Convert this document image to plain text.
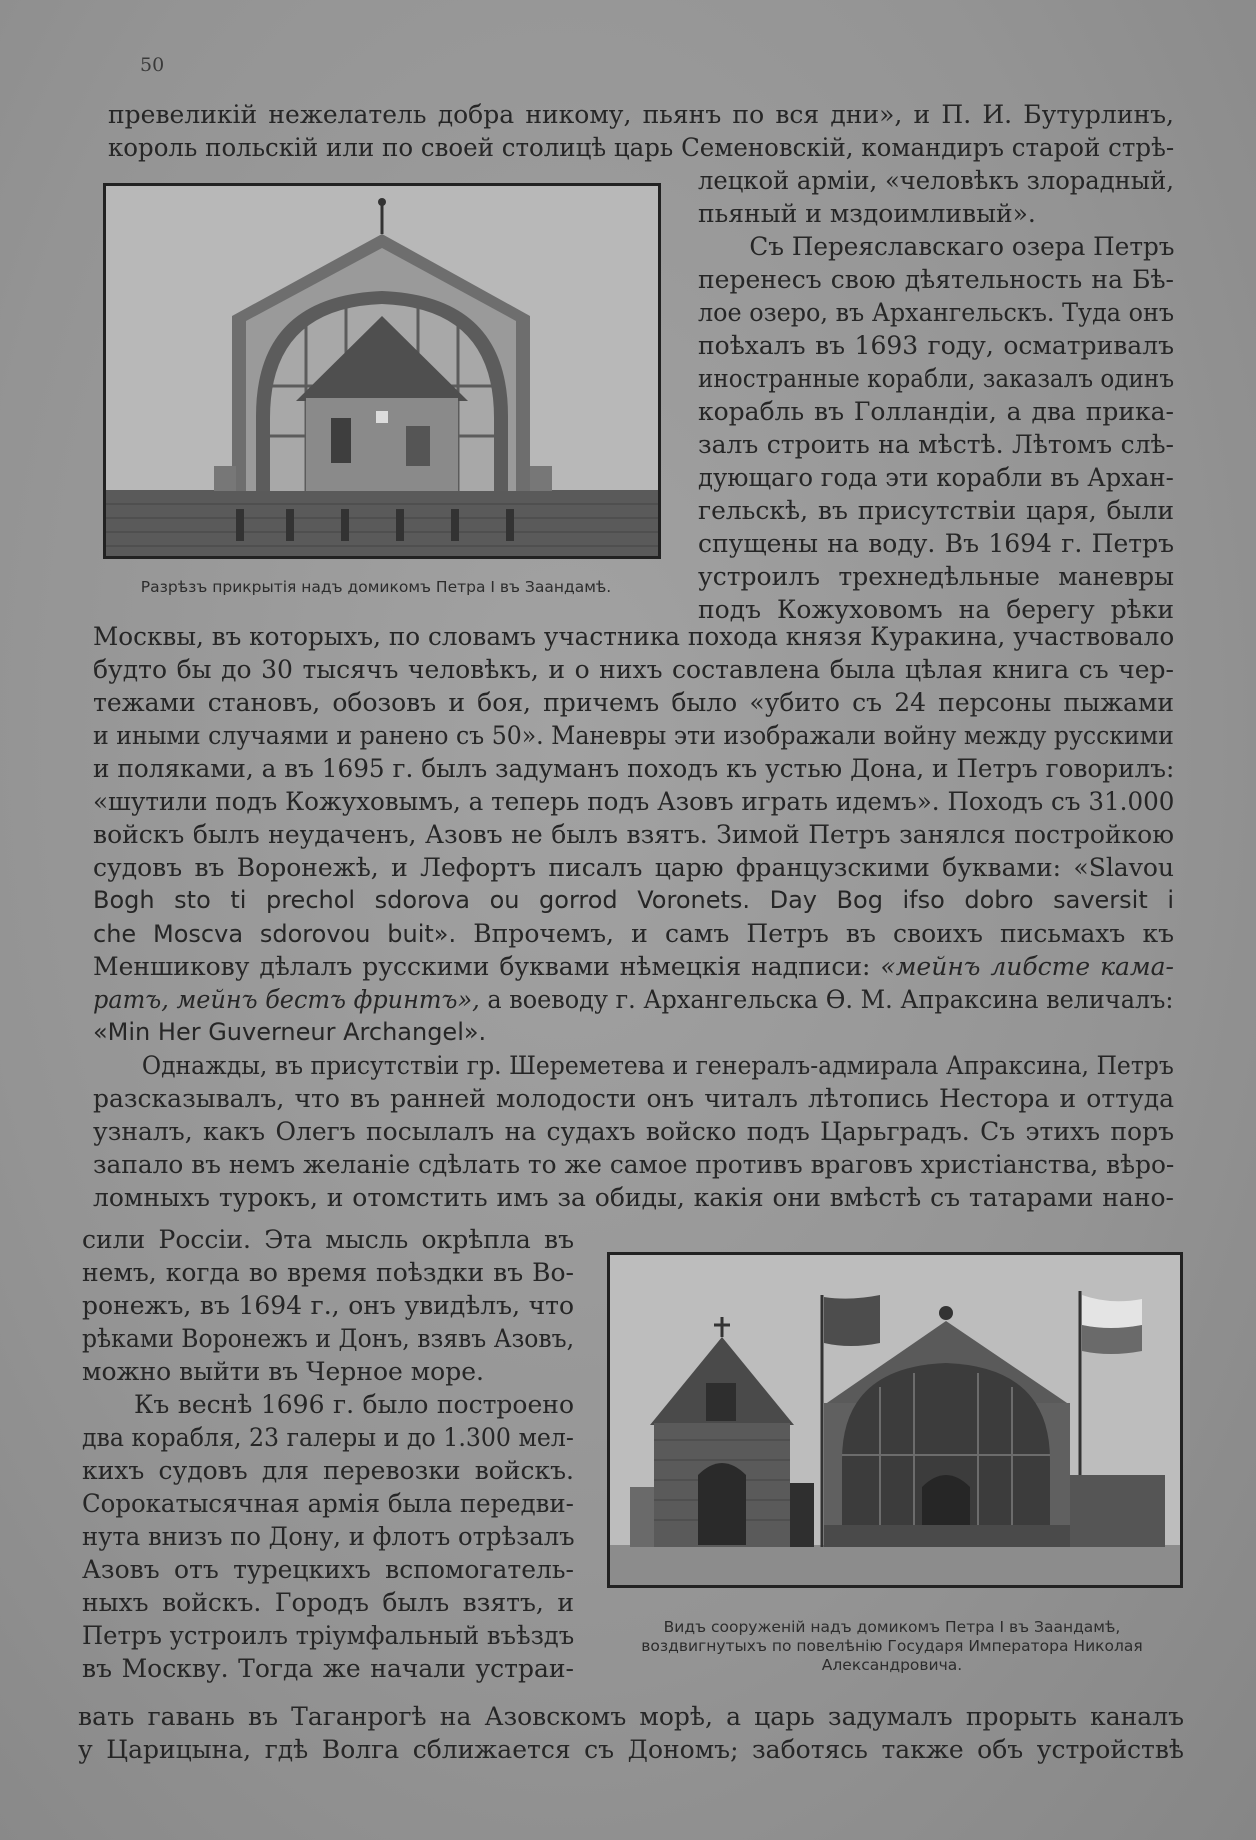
50
превеликій нежелатель добра никому, пьянъ по вся дни», и П. И. Бутурлинъ,
король польскій или по своей столицѣ царь Семеновскій, командиръ старой стрѣ-
Разрѣзъ прикрытія надъ домикомъ Петра I въ Заандамѣ.
лецкой арміи, «человѣкъ злорадный,
пьяный и мздоимливый».
Съ Переяславскаго озера Петръ
перенесъ свою дѣятельность на Бѣ-
лое озеро, въ Архангельскъ. Туда онъ
поѣхалъ въ 1693 году, осматривалъ
иностранные корабли, заказалъ одинъ
корабль въ Голландіи, а два прика-
залъ строить на мѣстѣ. Лѣтомъ слѣ-
дующаго года эти корабли въ Архан-
гельскѣ, въ присутствіи царя, были
спущены на воду. Въ 1694 г. Петръ
устроилъ трехнедѣльные маневры
подъ Кожуховомъ на берегу рѣки
Москвы, въ которыхъ, по словамъ участника похода князя Куракина, участвовало
будто бы до 30 тысячъ человѣкъ, и о нихъ составлена была цѣлая книга съ чер-
тежами становъ, обозовъ и боя, причемъ было «убито съ 24 персоны пыжами
и иными случаями и ранено съ 50». Маневры эти изображали войну между русскими
и поляками, а въ 1695 г. былъ задуманъ походъ къ устью Дона, и Петръ говорилъ:
«шутили подъ Кожуховымъ, а теперь подъ Азовъ играть идемъ». Походъ съ 31.000
войскъ былъ неудаченъ, Азовъ не былъ взятъ. Зимой Петръ занялся постройкою
судовъ въ Воронежѣ, и Лефортъ писалъ царю французскими буквами: «Slavou
Bogh sto ti prechol sdorova ou gorrod Voronets. Day Bog ifso dobro saversit i
che Moscva sdorovou buit». Впрочемъ, и самъ Петръ въ своихъ письмахъ къ
Меншикову дѣлалъ русскими буквами нѣмецкія надписи: «мейнъ либсте кама-
ратъ, мейнъ бестъ фринтъ», а воеводу г. Архангельска Ѳ. М. Апраксина величалъ:
«Min Her Guverneur Archangel».
Однажды, въ присутствіи гр. Шереметева и генералъ-адмирала Апраксина, Петръ
разсказывалъ, что въ ранней молодости онъ читалъ лѣтопись Нестора и оттуда
узналъ, какъ Олегъ посылалъ на судахъ войско подъ Царьградъ. Съ этихъ поръ
запало въ немъ желаніе сдѣлать то же самое противъ враговъ христіанства, вѣро-
ломныхъ турокъ, и отомстить имъ за обиды, какія они вмѣстѣ съ татарами нано-
сили Россіи. Эта мысль окрѣпла въ
немъ, когда во время поѣздки въ Во-
ронежъ, въ 1694 г., онъ увидѣлъ, что
рѣками Воронежъ и Донъ, взявъ Азовъ,
можно выйти въ Черное море.
Къ веснѣ 1696 г. было построено
два корабля, 23 галеры и до 1.300 мел-
кихъ судовъ для перевозки войскъ.
Сорокатысячная армія была передви-
нута внизъ по Дону, и флотъ отрѣзалъ
Азовъ отъ турецкихъ вспомогатель-
ныхъ войскъ. Городъ былъ взятъ, и
Петръ устроилъ тріумфальный въѣздъ
въ Москву. Тогда же начали устраи-
Видъ сооруженій надъ домикомъ Петра I въ Заандамѣ,
воздвигнутыхъ по повелѣнію Государя Императора Николая
Александровича.
вать гавань въ Таганрогѣ на Азовскомъ морѣ, а царь задумалъ прорыть каналъ
у Царицына, гдѣ Волга сближается съ Дономъ; заботясь также объ устройствѣ
